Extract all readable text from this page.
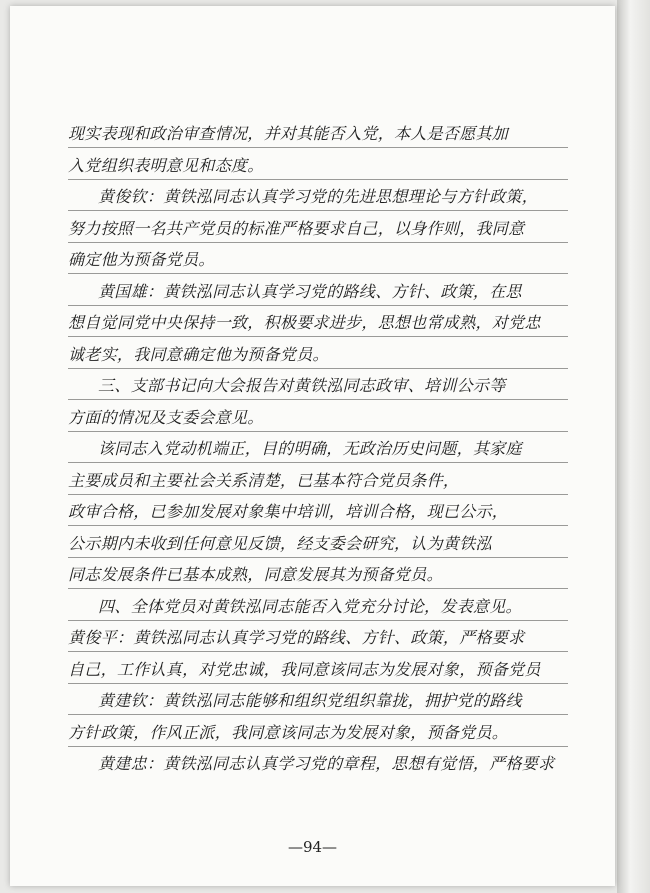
现实表现和政治审查情况，并对其能否入党，本人是否愿其加
入党组织表明意见和态度。
黄俊钦：黄铁泓同志认真学习党的先进思想理论与方针政策，
努力按照一名共产党员的标准严格要求自己，以身作则，我同意
确定他为预备党员。
黄国雄：黄铁泓同志认真学习党的路线、方针、政策，在思
想自觉同党中央保持一致，积极要求进步，思想也常成熟，对党忠
诚老实，我同意确定他为预备党员。
三、支部书记向大会报告对黄铁泓同志政审、培训公示等
方面的情况及支委会意见。
该同志入党动机端正，目的明确，无政治历史问题，其家庭
主要成员和主要社会关系清楚，已基本符合党员条件，
政审合格，已参加发展对象集中培训，培训合格，现已公示，
公示期内未收到任何意见反馈，经支委会研究，认为黄铁泓
同志发展条件已基本成熟，同意发展其为预备党员。
四、全体党员对黄铁泓同志能否入党充分讨论，发表意见。
黄俊平：黄铁泓同志认真学习党的路线、方针、政策，严格要求
自己，工作认真，对党忠诚，我同意该同志为发展对象，预备党员
黄建钦：黄铁泓同志能够和组织党组织靠拢，拥护党的路线
方针政策，作风正派，我同意该同志为发展对象，预备党员。
黄建忠：黄铁泓同志认真学习党的章程，思想有觉悟，严格要求
—94—
